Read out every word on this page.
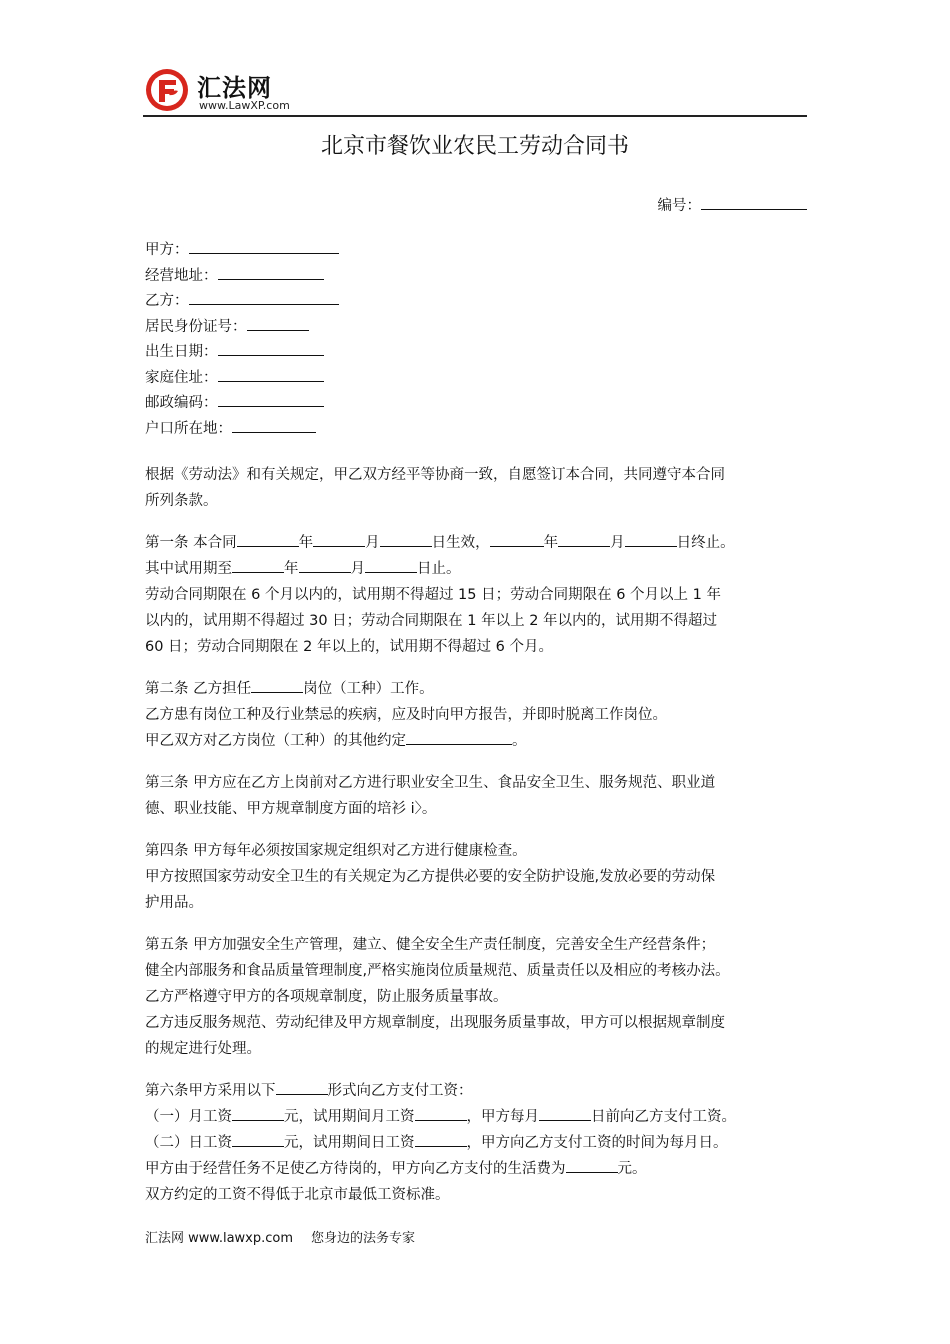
汇法网
www.LawXP.com
北京市餐饮业农民工劳动合同书
编号：
甲方：
经营地址：
乙方：
居民身份证号：
出生日期：
家庭住址：
邮政编码：
户口所在地：
根据《劳动法》和有关规定，甲乙双方经平等协商一致，自愿签订本合同，共同遵守本合同
所列条款。
第一条 本合同	年	月	日生效，	年	月	日终止。
其中试用期至	年	月	日止。
劳动合同期限在 6 个月以内的，试用期不得超过 15 日；劳动合同期限在 6 个月以上 1 年
以内的，试用期不得超过 30 日；劳动合同期限在 1 年以上 2 年以内的，试用期不得超过
60 日；劳动合同期限在 2 年以上的，试用期不得超过 6 个月。
第二条 乙方担任	岗位（工种）工作。
乙方患有岗位工种及行业禁忌的疾病，应及时向甲方报告，并即时脱离工作岗位。
甲乙双方对乙方岗位（工种）的其他约定	。
第三条 甲方应在乙方上岗前对乙方进行职业安全卫生、食品安全卫生、服务规范、职业道
德、职业技能、甲方规章制度方面的培衫 i〉。
第四条 甲方每年必须按国家规定组织对乙方进行健康检查。
甲方按照国家劳动安全卫生的有关规定为乙方提供必要的安全防护设施,发放必要的劳动保
护用品。
第五条 甲方加强安全生产管理，建立、健全安全生产责任制度，完善安全生产经营条件；
健全内部服务和食品质量管理制度,严格实施岗位质量规范、质量责任以及相应的考核办法。
乙方严格遵守甲方的各项规章制度，防止服务质量事故。
乙方违反服务规范、劳动纪律及甲方规章制度，出现服务质量事故，甲方可以根据规章制度
的规定进行处理。
第六条甲方采用以下	形式向乙方支付工资：
（一）月工资	元，试用期间月工资	，甲方每月	日前向乙方支付工资。
（二）日工资	元，试用期间日工资	，甲方向乙方支付工资的时间为每月日。
甲方由于经营任务不足使乙方待岗的，甲方向乙方支付的生活费为	元。
双方约定的工资不得低于北京市最低工资标准。
汇法网 www.lawxp.com 您身边的法务专家
